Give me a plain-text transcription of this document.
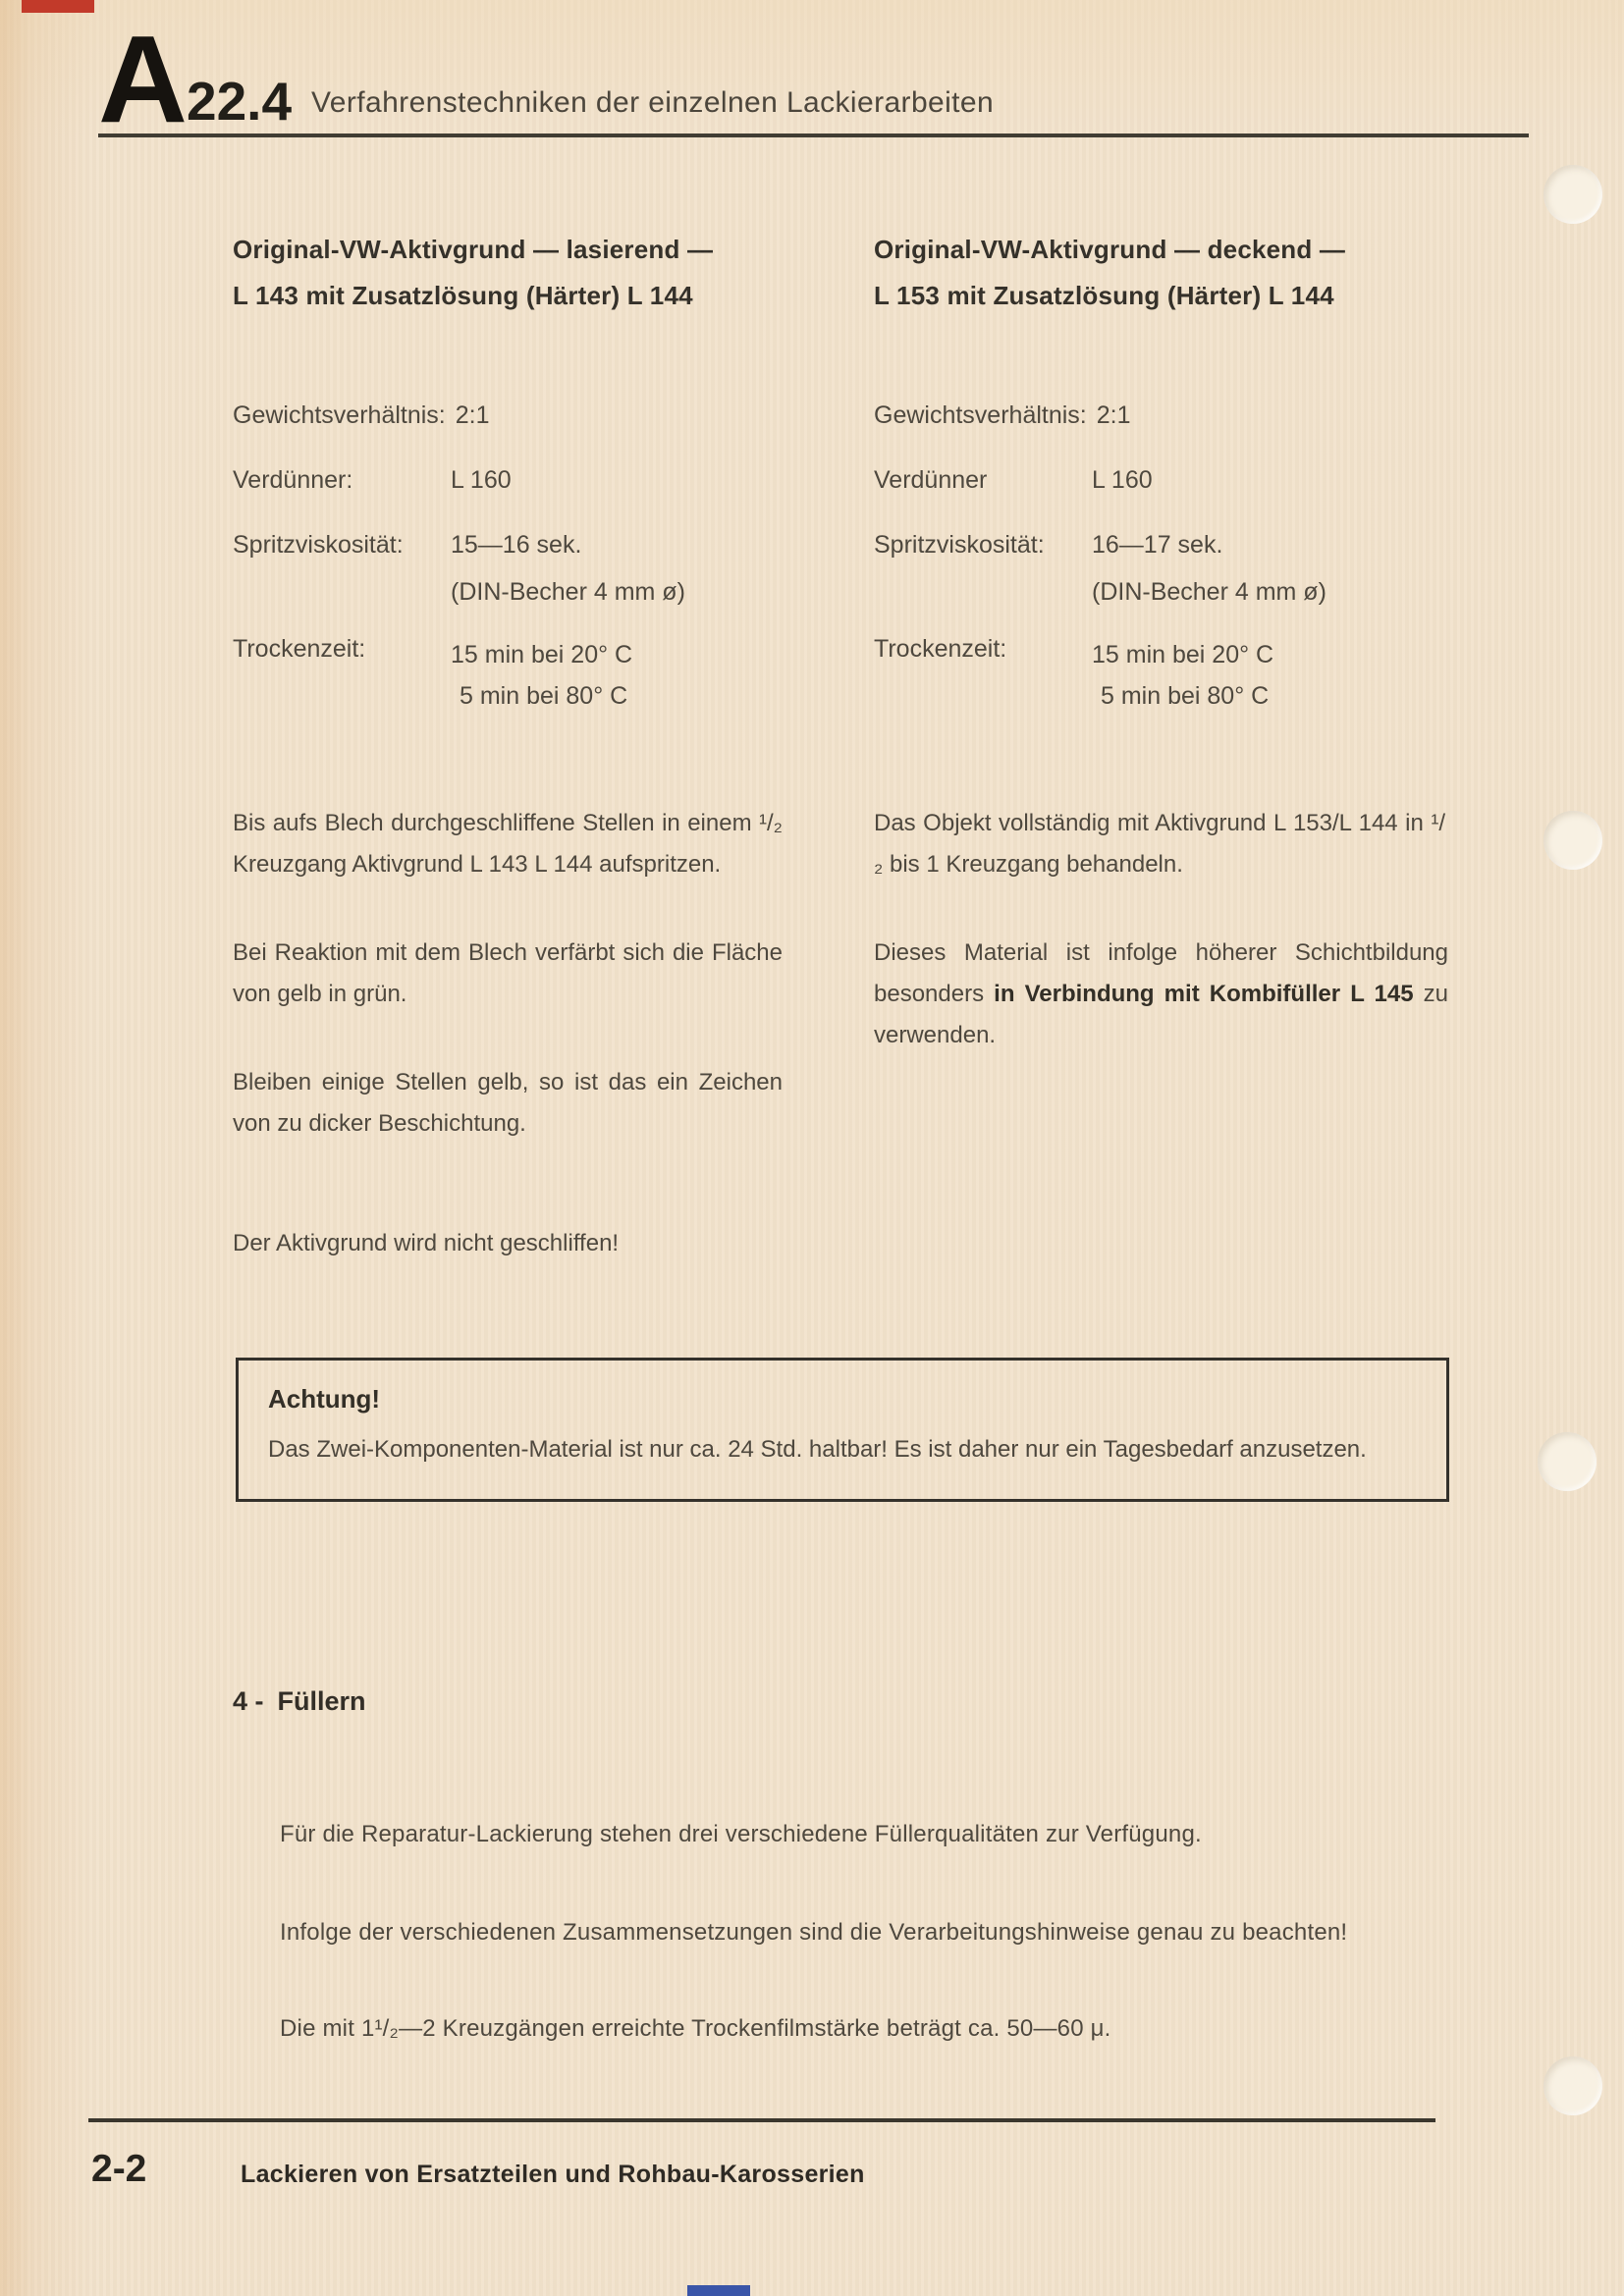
A 22.4 Verfahrenstechniken der einzelnen Lackierarbeiten
Original-VW-Aktivgrund — lasierend —
L 143 mit Zusatzlösung (Härter) L 144
Original-VW-Aktivgrund — deckend —
L 153 mit Zusatzlösung (Härter) L 144
Gewichtsverhältnis: 2:1
Verdünner:	L 160
Spritzviskosität:	15—16 sek.
(DIN-Becher 4 mm ø)
Trockenzeit:	15 min bei 20° C
5 min bei 80° C
Gewichtsverhältnis: 2:1
Verdünner	L 160
Spritzviskosität:	16—17 sek.
(DIN-Becher 4 mm ø)
Trockenzeit:	15 min bei 20° C
5 min bei 80° C

Bis aufs Blech durchgeschliffene Stellen in einem ¹/₂ Kreuzgang Aktivgrund L 143 L 144 aufspritzen.

Das Objekt vollständig mit Aktivgrund L 153/L 144 in ¹/₂ bis 1 Kreuzgang behandeln.

Bei Reaktion mit dem Blech verfärbt sich die Fläche von gelb in grün.

Dieses Material ist infolge höherer Schichtbildung besonders in Verbindung mit Kombifüller L 145 zu verwenden.

Bleiben einige Stellen gelb, so ist das ein Zeichen von zu dicker Beschichtung.

Der Aktivgrund wird nicht geschliffen!

Achtung!
Das Zwei-Komponenten-Material ist nur ca. 24 Std. haltbar! Es ist daher nur ein Tagesbedarf anzusetzen.
4 - Füllern

Für die Reparatur-Lackierung stehen drei verschiedene Füllerqualitäten zur Verfügung.

Infolge der verschiedenen Zusammensetzungen sind die Verarbeitungshinweise genau zu beachten!

Die mit 1¹/₂—2 Kreuzgängen erreichte Trockenfilmstärke beträgt ca. 50—60 μ.

2-2	Lackieren von Ersatzteilen und Rohbau-Karosserien
